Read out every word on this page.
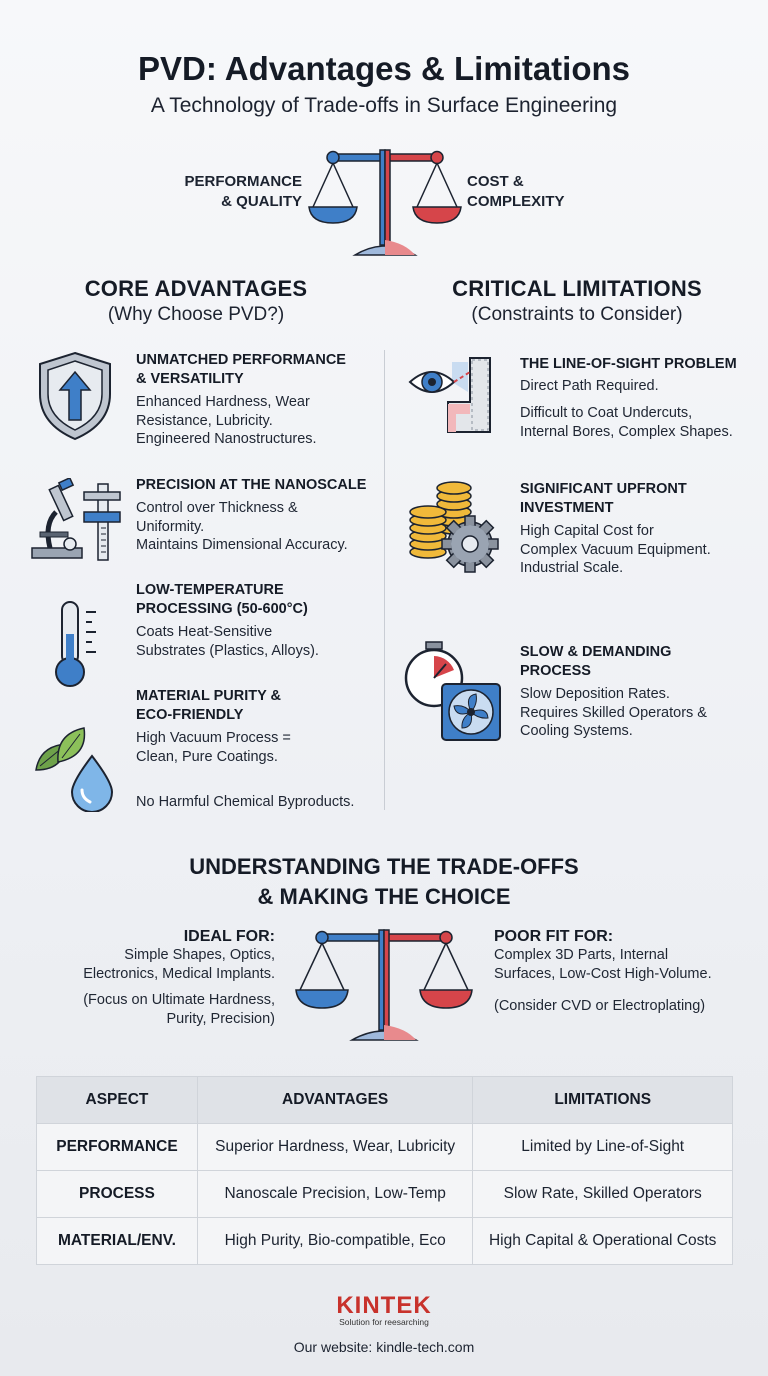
PVD: Advantages & Limitations
A Technology of Trade-offs in Surface Engineering
PERFORMANCE
& QUALITY
COST &
COMPLEXITY
CORE ADVANTAGES
(Why Choose PVD?)
CRITICAL LIMITATIONS
(Constraints to Consider)
UNMATCHED PERFORMANCE
& VERSATILITY
Enhanced Hardness, Wear
Resistance, Lubricity.
Engineered Nanostructures.
PRECISION AT THE NANOSCALE
Control over Thickness &
Uniformity.
Maintains Dimensional Accuracy.
LOW-TEMPERATURE
PROCESSING (50-600°C)
Coats Heat-Sensitive
Substrates (Plastics, Alloys).
MATERIAL PURITY &
ECO-FRIENDLY
High Vacuum Process =
Clean, Pure Coatings.
No Harmful Chemical Byproducts.
THE LINE-OF-SIGHT PROBLEM
Direct Path Required.
Difficult to Coat Undercuts,
Internal Bores, Complex Shapes.
SIGNIFICANT UPFRONT
INVESTMENT
High Capital Cost for
Complex Vacuum Equipment.
Industrial Scale.
SLOW & DEMANDING
PROCESS
Slow Deposition Rates.
Requires Skilled Operators &
Cooling Systems.
UNDERSTANDING THE TRADE-OFFS
& MAKING THE CHOICE
IDEAL FOR:
Simple Shapes, Optics,
Electronics, Medical Implants.
(Focus on Ultimate Hardness,
Purity, Precision)
POOR FIT FOR:
Complex 3D Parts, Internal
Surfaces, Low-Cost High-Volume.
(Consider CVD or Electroplating)
ASPECT	ADVANTAGES	LIMITATIONS
PERFORMANCE	Superior Hardness, Wear, Lubricity	Limited by Line-of-Sight
PROCESS	Nanoscale Precision, Low-Temp	Slow Rate, Skilled Operators
MATERIAL/ENV.	High Purity, Bio-compatible, Eco	High Capital & Operational Costs
KINTEK
Solution for reesarching
Our website: kindle-tech.com
